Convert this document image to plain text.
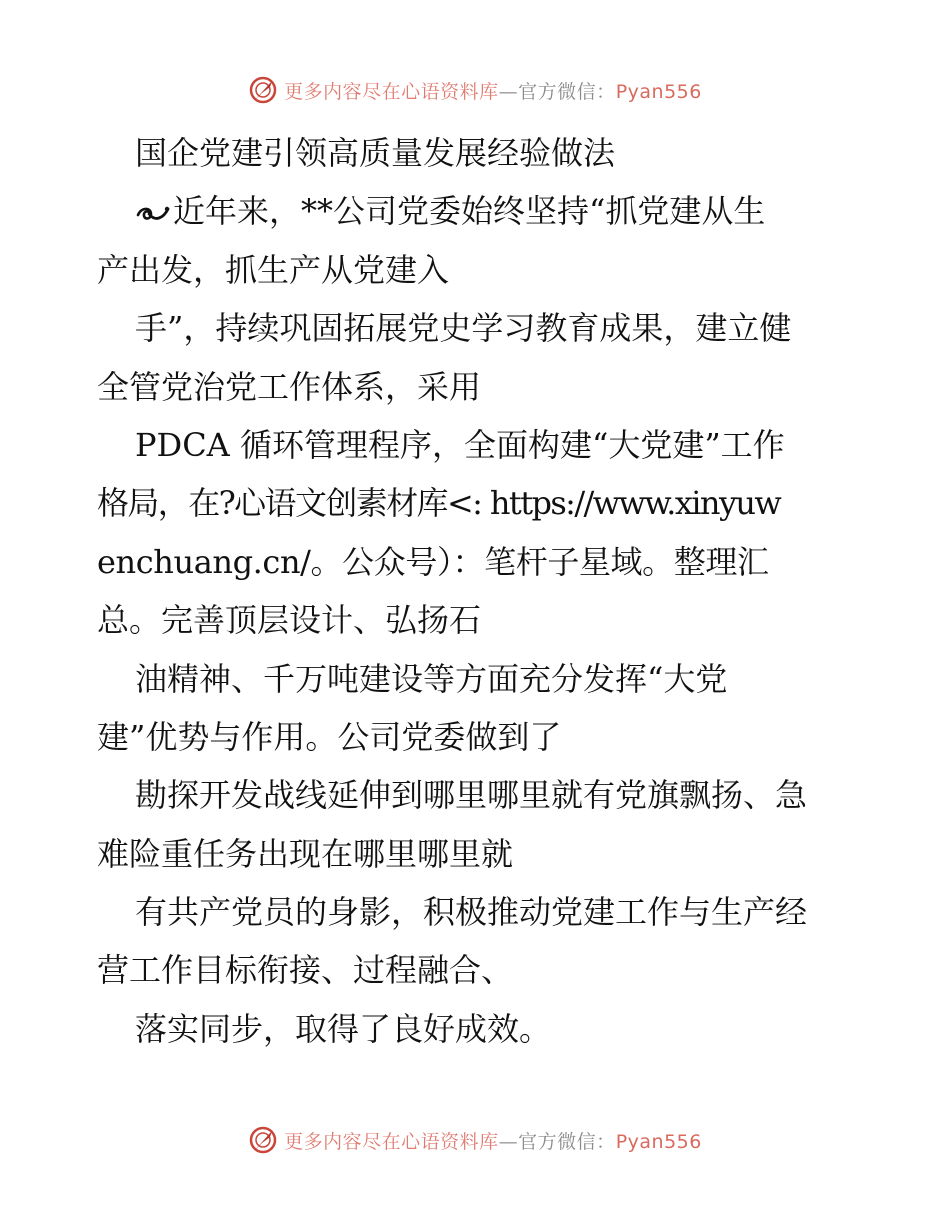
更多内容尽在心语资料库—官方微信：Pyan556
国企党建引领高质量发展经验做法
近年来，**公司党委始终坚持“抓党建从生
产出发，抓生产从党建入
手”，持续巩固拓展党史学习教育成果，建立健
全管党治党工作体系，采用
PDCA 循环管理程序，全面构建“大党建”工作
格局，在?心语文创素材库<: https://www.xinyuw
enchuang.cn/。公众号）：笔杆子星域。整理汇
总。完善顶层设计、弘扬石
油精神、千万吨建设等方面充分发挥“大党
建”优势与作用。公司党委做到了
勘探开发战线延伸到哪里哪里就有党旗飘扬、急
难险重任务出现在哪里哪里就
有共产党员的身影，积极推动党建工作与生产经
营工作目标衔接、过程融合、
落实同步，取得了良好成效。
更多内容尽在心语资料库—官方微信：Pyan556
